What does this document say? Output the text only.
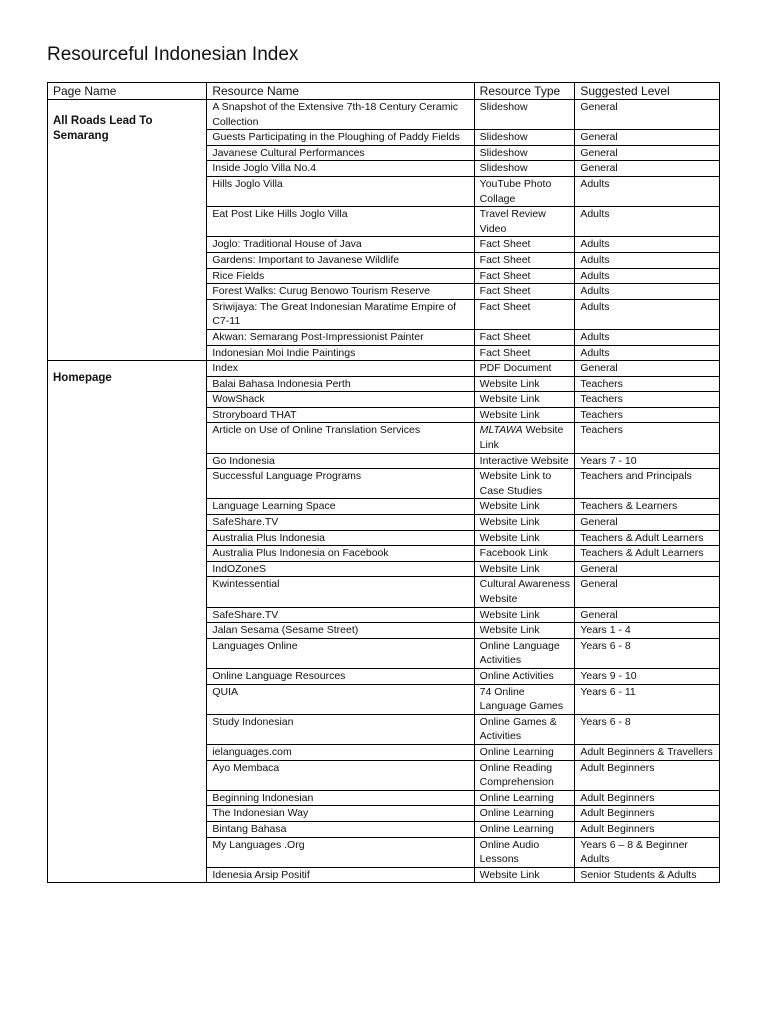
Resourceful Indonesian Index
Page Name	Resource Name	Resource Type	Suggested Level

All Roads Lead To Semarang	A Snapshot of the Extensive 7th-18 Century Ceramic Collection	Slideshow	General
	Guests Participating in the Ploughing of Paddy Fields	Slideshow	General
	Javanese Cultural Performances	Slideshow	General
	Inside Joglo Villa No.4	Slideshow	General
	Hills Joglo Villa	YouTube Photo Collage	Adults
	Eat Post Like Hills Joglo Villa	Travel Review Video	Adults
	Joglo: Traditional House of Java	Fact Sheet	Adults
	Gardens: Important to Javanese Wildlife	Fact Sheet	Adults
	Rice Fields	Fact Sheet	Adults
	Forest Walks: Curug Benowo Tourism Reserve	Fact Sheet	Adults
	Sriwijaya: The Great Indonesian Maratime Empire of C7-11	Fact Sheet	Adults
	Akwan: Semarang Post-Impressionist Painter	Fact Sheet	Adults
	Indonesian Moi Indie Paintings	Fact Sheet	Adults

Homepage	Index	PDF Document	General
	Balai Bahasa Indonesia Perth	Website Link	Teachers
	WowShack	Website Link	Teachers
	Stroryboard THAT	Website Link	Teachers
	Article on Use of Online Translation Services	MLTAWA Website Link	Teachers
	Go Indonesia	Interactive Website	Years 7 - 10
	Successful Language Programs	Website Link to Case Studies	Teachers and Principals
	Language Learning Space	Website Link	Teachers & Learners
	SafeShare.TV	Website Link	General
	Australia Plus Indonesia	Website Link	Teachers & Adult Learners
	Australia Plus Indonesia on Facebook	Facebook Link	Teachers & Adult Learners
	IndOZoneS	Website Link	General
	Kwintessential	Cultural Awareness Website	General
	SafeShare.TV	Website Link	General
	Jalan Sesama (Sesame Street)	Website Link	Years 1 - 4
	Languages Online	Online Language Activities	Years 6 - 8
	Online Language Resources	Online Activities	Years 9 - 10
	QUIA	74 Online Language Games	Years 6 - 11
	Study Indonesian	Online Games & Activities	Years 6 - 8
	ielanguages.com	Online Learning	Adult Beginners & Travellers
	Ayo Membaca	Online Reading Comprehension	Adult Beginners
	Beginning Indonesian	Online Learning	Adult Beginners
	The Indonesian Way	Online Learning	Adult Beginners
	Bintang Bahasa	Online Learning	Adult Beginners
	My Languages .Org	Online Audio Lessons	Years 6 – 8 & Beginner Adults
	Idenesia Arsip Positif	Website Link	Senior Students & Adults
